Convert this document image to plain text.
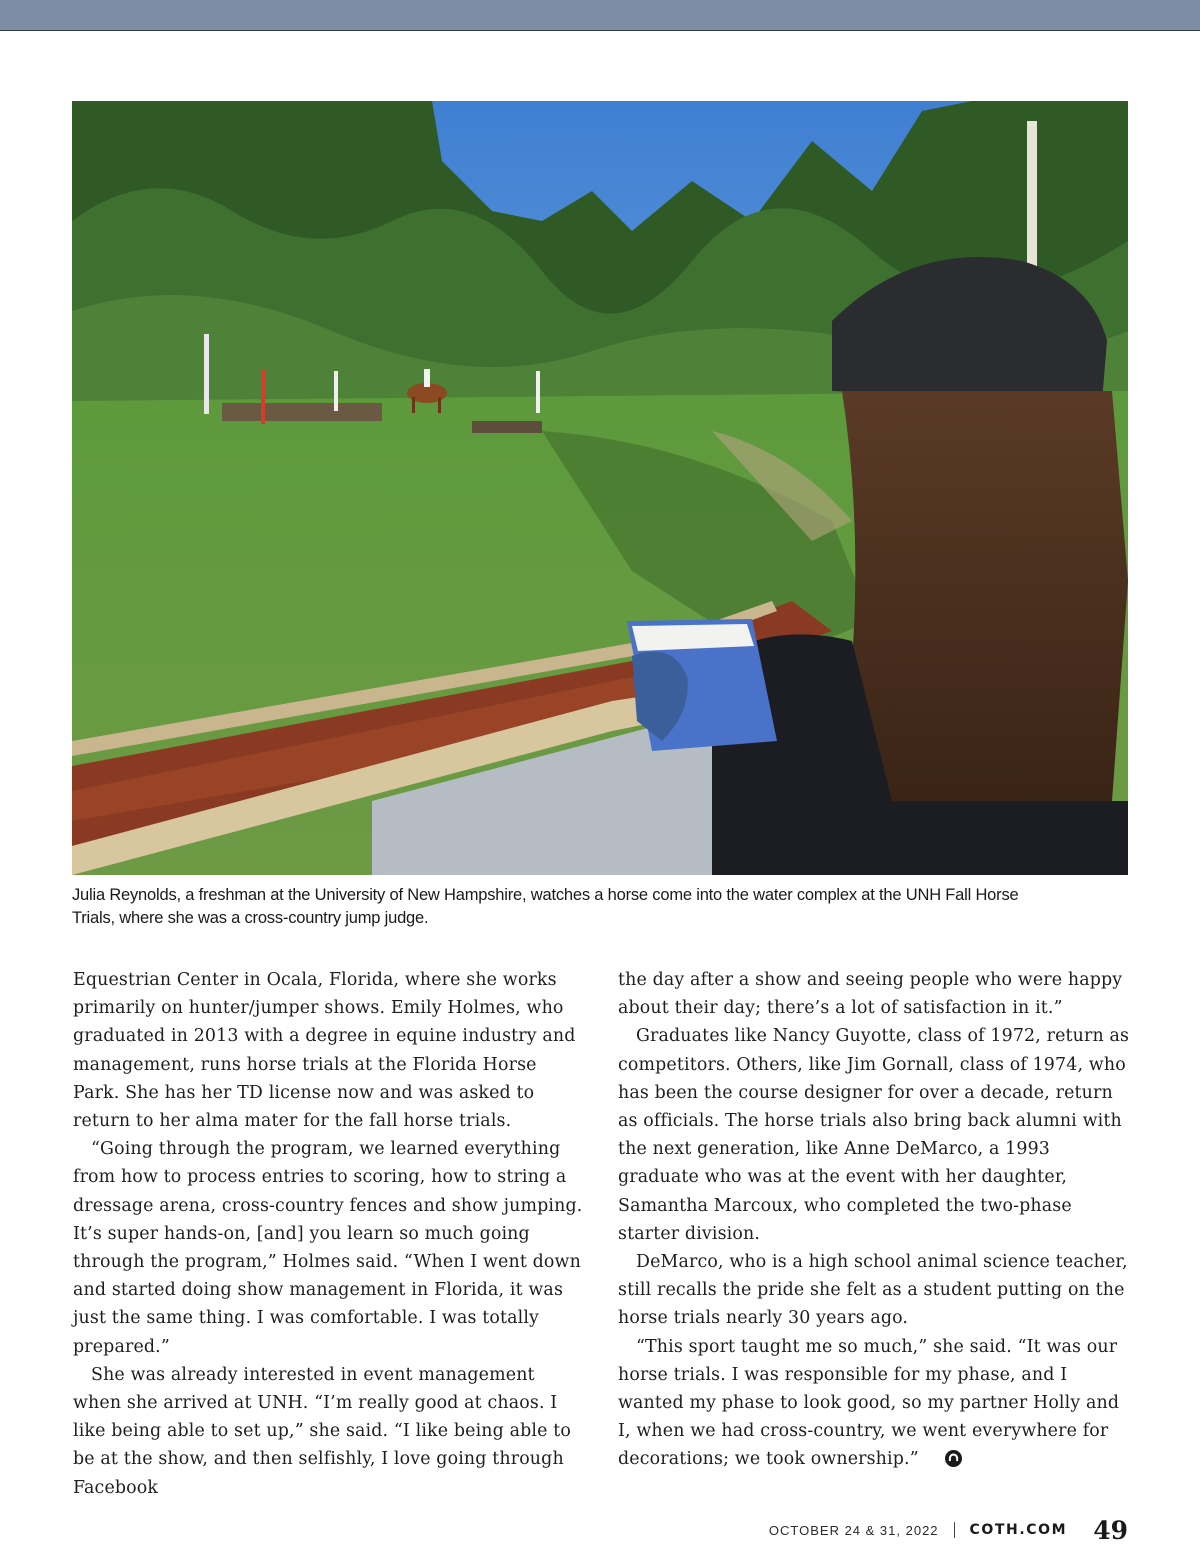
Julia Reynolds, a freshman at the University of New Hampshire, watches a horse come into the water complex at the UNH Fall Horse Trials, where she was a cross-country jump judge.

Equestrian Center in Ocala, Florida, where she works primarily on hunter/jumper shows. Emily Holmes, who graduated in 2013 with a degree in equine industry and management, runs horse trials at the Florida Horse Park. She has her TD license now and was asked to return to her alma mater for the fall horse trials.

“Going through the program, we learned everything from how to process entries to scoring, how to string a dressage arena, cross-country fences and show jumping. It’s super hands-on, [and] you learn so much going through the program,” Holmes said. “When I went down and started doing show management in Florida, it was just the same thing. I was comfortable. I was totally prepared.”

She was already interested in event management when she arrived at UNH. “I’m really good at chaos. I like being able to set up,” she said. “I like being able to be at the show, and then selfishly, I love going through Facebook

the day after a show and seeing people who were happy about their day; there’s a lot of satisfaction in it.”

Graduates like Nancy Guyotte, class of 1972, return as competitors. Others, like Jim Gornall, class of 1974, who has been the course designer for over a decade, return as officials. The horse trials also bring back alumni with the next generation, like Anne DeMarco, a 1993 graduate who was at the event with her daughter, Samantha Marcoux, who completed the two-phase starter division.

DeMarco, who is a high school animal science teacher, still recalls the pride she felt as a student putting on the horse trials nearly 30 years ago.

“This sport taught me so much,” she said. “It was our horse trials. I was responsible for my phase, and I wanted my phase to look good, so my partner Holly and I, when we had cross-country, we went everywhere for decorations; we took ownership.”

OCTOBER 24 & 31, 2022 COTH.COM 49
